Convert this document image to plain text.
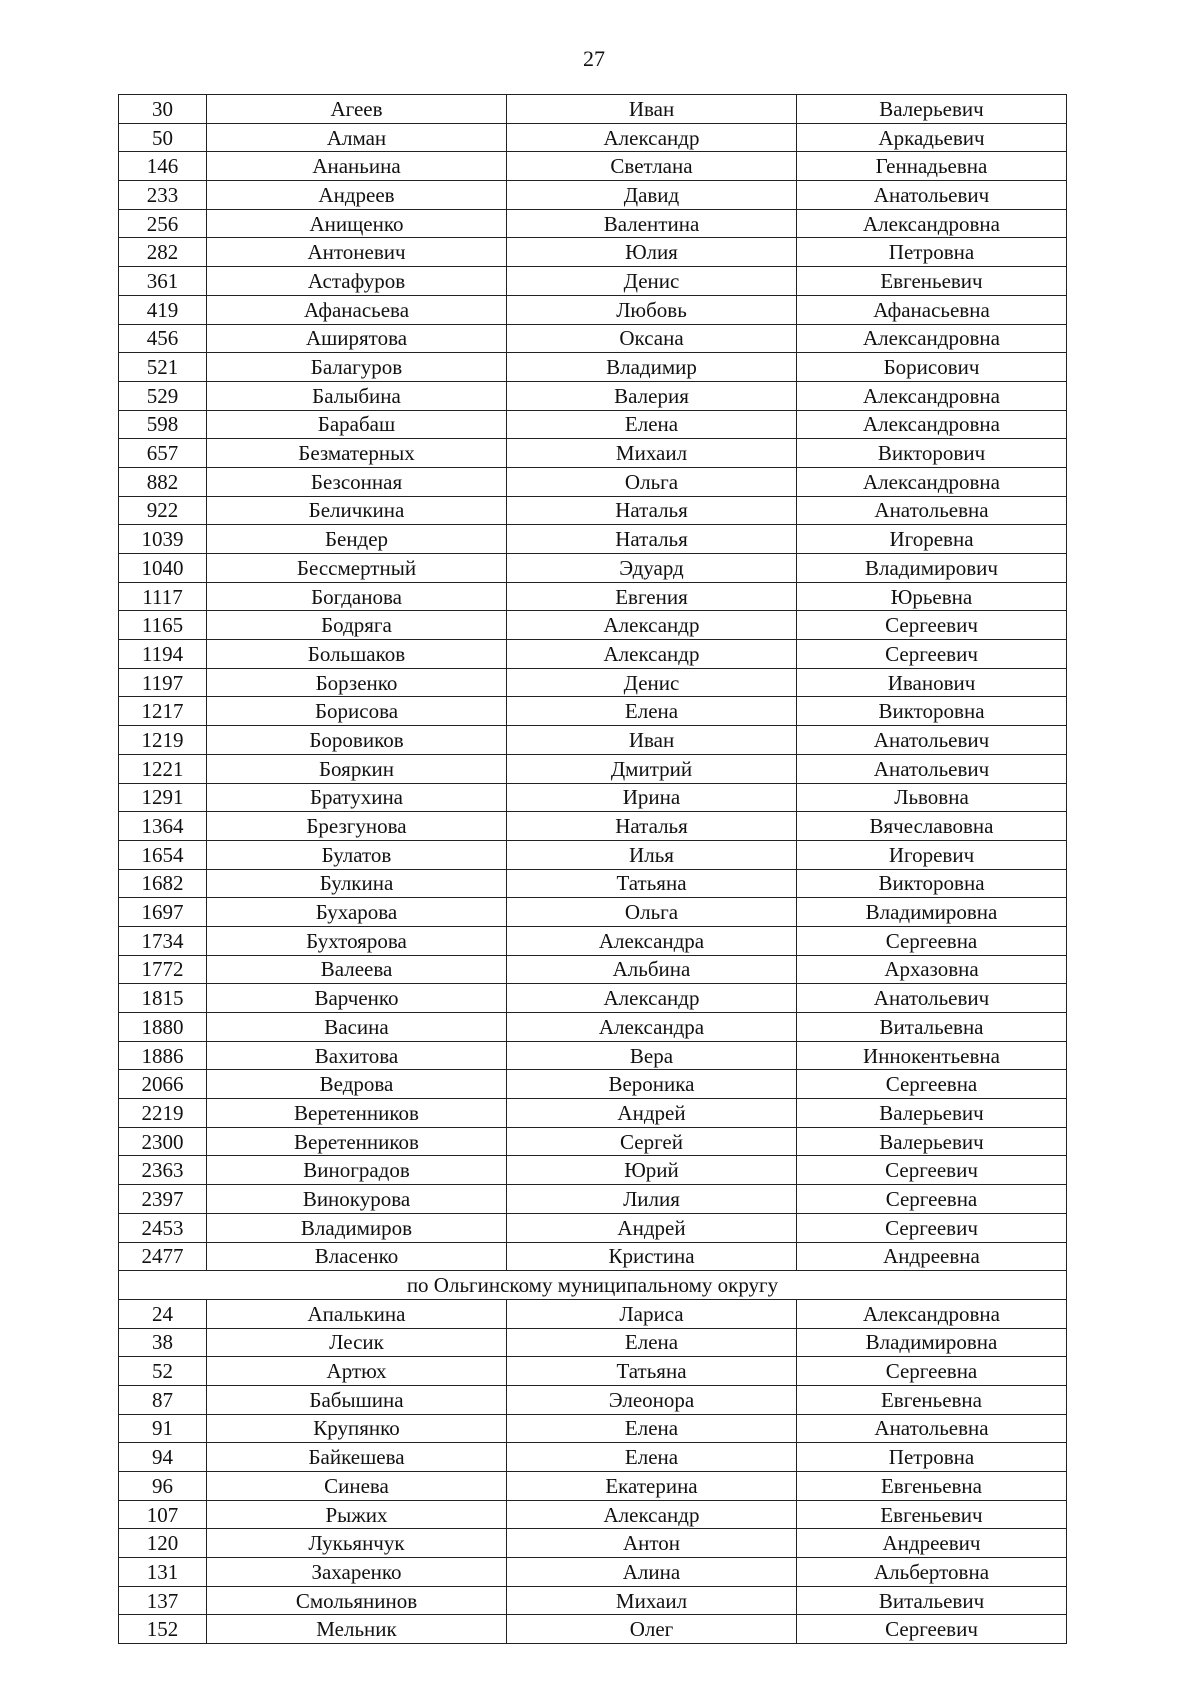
27
30	Агеев	Иван	Валерьевич
50	Алман	Александр	Аркадьевич
146	Ананьина	Светлана	Геннадьевна
233	Андреев	Давид	Анатольевич
256	Анищенко	Валентина	Александровна
282	Антоневич	Юлия	Петровна
361	Астафуров	Денис	Евгеньевич
419	Афанасьева	Любовь	Афанасьевна
456	Аширятова	Оксана	Александровна
521	Балагуров	Владимир	Борисович
529	Балыбина	Валерия	Александровна
598	Барабаш	Елена	Александровна
657	Безматерных	Михаил	Викторович
882	Безсонная	Ольга	Александровна
922	Беличкина	Наталья	Анатольевна
1039	Бендер	Наталья	Игоревна
1040	Бессмертный	Эдуард	Владимирович
1117	Богданова	Евгения	Юрьевна
1165	Бодряга	Александр	Сергеевич
1194	Большаков	Александр	Сергеевич
1197	Борзенко	Денис	Иванович
1217	Борисова	Елена	Викторовна
1219	Боровиков	Иван	Анатольевич
1221	Бояркин	Дмитрий	Анатольевич
1291	Братухина	Ирина	Львовна
1364	Брезгунова	Наталья	Вячеславовна
1654	Булатов	Илья	Игоревич
1682	Булкина	Татьяна	Викторовна
1697	Бухарова	Ольга	Владимировна
1734	Бухтоярова	Александра	Сергеевна
1772	Валеева	Альбина	Архазовна
1815	Варченко	Александр	Анатольевич
1880	Васина	Александра	Витальевна
1886	Вахитова	Вера	Иннокентьевна
2066	Ведрова	Вероника	Сергеевна
2219	Веретенников	Андрей	Валерьевич
2300	Веретенников	Сергей	Валерьевич
2363	Виноградов	Юрий	Сергеевич
2397	Винокурова	Лилия	Сергеевна
2453	Владимиров	Андрей	Сергеевич
2477	Власенко	Кристина	Андреевна
по Ольгинскому муниципальному округу			
24	Апалькина	Лариса	Александровна
38	Лесик	Елена	Владимировна
52	Артюх	Татьяна	Сергеевна
87	Бабышина	Элеонора	Евгеньевна
91	Крупянко	Елена	Анатольевна
94	Байкешева	Елена	Петровна
96	Синева	Екатерина	Евгеньевна
107	Рыжих	Александр	Евгеньевич
120	Лукьянчук	Антон	Андреевич
131	Захаренко	Алина	Альбертовна
137	Смольянинов	Михаил	Витальевич
152	Мельник	Олег	Сергеевич
